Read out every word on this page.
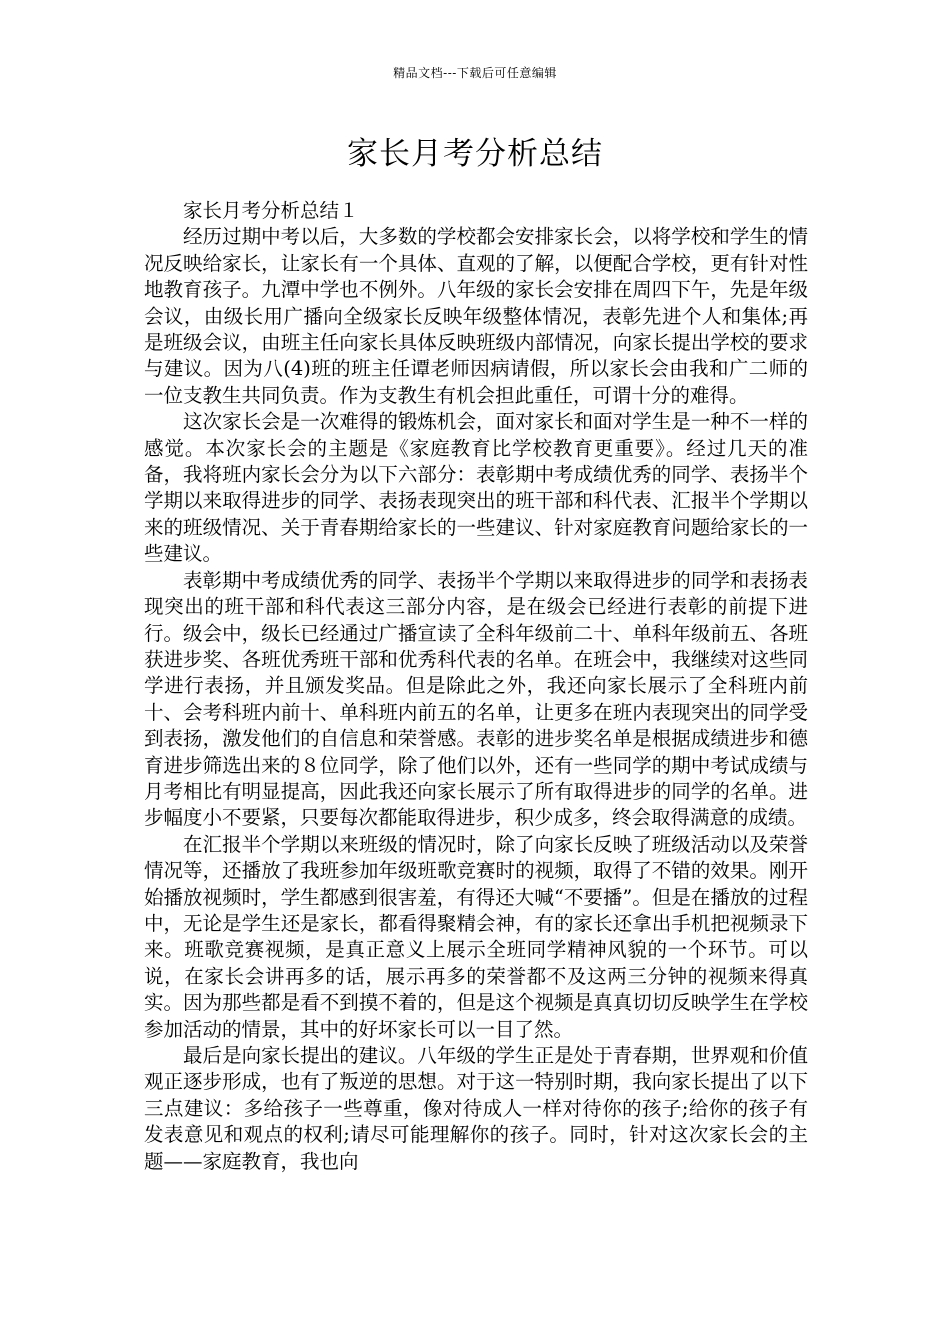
精品文档---下载后可任意编辑
家长月考分析总结

家长月考分析总结１

经历过期中考以后，大多数的学校都会安排家长会，以将学校和学生的情况反映给家长，让家长有一个具体、直观的了解，以便配合学校，更有针对性地教育孩子。九潭中学也不例外。八年级的家长会安排在周四下午，先是年级会议，由级长用广播向全级家长反映年级整体情况，表彰先进个人和集体;再是班级会议，由班主任向家长具体反映班级内部情况，向家长提出学校的要求与建议。因为八(4)班的班主任谭老师因病请假，所以家长会由我和广二师的一位支教生共同负责。作为支教生有机会担此重任，可谓十分的难得。

这次家长会是一次难得的锻炼机会，面对家长和面对学生是一种不一样的感觉。本次家长会的主题是《家庭教育比学校教育更重要》。经过几天的准备，我将班内家长会分为以下六部分：表彰期中考成绩优秀的同学、表扬半个学期以来取得进步的同学、表扬表现突出的班干部和科代表、汇报半个学期以来的班级情况、关于青春期给家长的一些建议、针对家庭教育问题给家长的一些建议。

表彰期中考成绩优秀的同学、表扬半个学期以来取得进步的同学和表扬表现突出的班干部和科代表这三部分内容，是在级会已经进行表彰的前提下进行。级会中，级长已经通过广播宣读了全科年级前二十、单科年级前五、各班获进步奖、各班优秀班干部和优秀科代表的名单。在班会中，我继续对这些同学进行表扬，并且颁发奖品。但是除此之外，我还向家长展示了全科班内前十、会考科班内前十、单科班内前五的名单，让更多在班内表现突出的同学受到表扬，激发他们的自信息和荣誉感。表彰的进步奖名单是根据成绩进步和德育进步筛选出来的８位同学，除了他们以外，还有一些同学的期中考试成绩与月考相比有明显提高，因此我还向家长展示了所有取得进步的同学的名单。进步幅度小不要紧，只要每次都能取得进步，积少成多，终会取得满意的成绩。

在汇报半个学期以来班级的情况时，除了向家长反映了班级活动以及荣誉情况等，还播放了我班参加年级班歌竞赛时的视频，取得了不错的效果。刚开始播放视频时，学生都感到很害羞，有得还大喊“不要播”。但是在播放的过程中，无论是学生还是家长，都看得聚精会神，有的家长还拿出手机把视频录下来。班歌竞赛视频，是真正意义上展示全班同学精神风貌的一个环节。可以说，在家长会讲再多的话，展示再多的荣誉都不及这两三分钟的视频来得真实。因为那些都是看不到摸不着的，但是这个视频是真真切切反映学生在学校参加活动的情景，其中的好坏家长可以一目了然。

最后是向家长提出的建议。八年级的学生正是处于青春期，世界观和价值观正逐步形成，也有了叛逆的思想。对于这一特别时期，我向家长提出了以下三点建议：多给孩子一些尊重，像对待成人一样对待你的孩子;给你的孩子有发表意见和观点的权利;请尽可能理解你的孩子。同时，针对这次家长会的主题——家庭教育，我也向
